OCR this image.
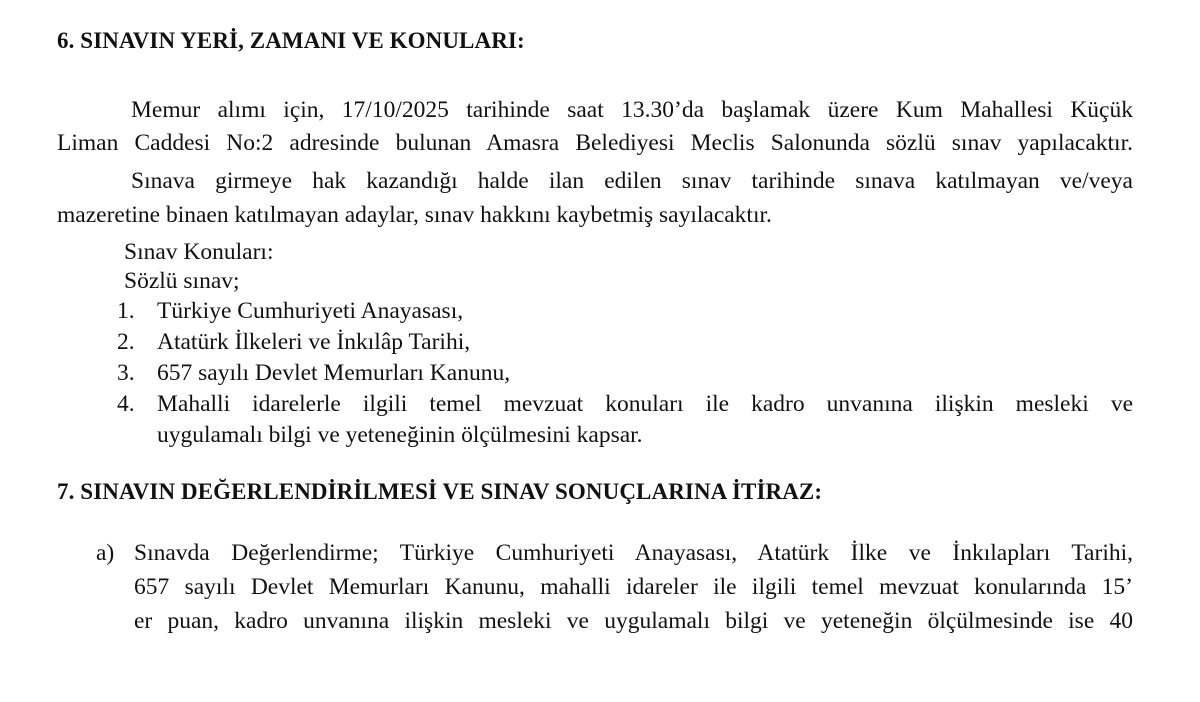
6. SINAVIN YERİ, ZAMANI VE KONULARI:
Memur alımı için, 17/10/2025 tarihinde saat 13.30’da başlamak üzere Kum Mahallesi Küçük
Liman Caddesi No:2 adresinde bulunan Amasra Belediyesi Meclis Salonunda sözlü sınav yapılacaktır.
Sınava girmeye hak kazandığı halde ilan edilen sınav tarihinde sınava katılmayan ve/veya
mazeretine binaen katılmayan adaylar, sınav hakkını kaybetmiş sayılacaktır.
Sınav Konuları:
Sözlü sınav;
1. Türkiye Cumhuriyeti Anayasası,
2. Atatürk İlkeleri ve İnkılâp Tarihi,
3. 657 sayılı Devlet Memurları Kanunu,
4. Mahalli idarelerle ilgili temel mevzuat konuları ile kadro unvanına ilişkin mesleki ve
uygulamalı bilgi ve yeteneğinin ölçülmesini kapsar.
7. SINAVIN DEĞERLENDİRİLMESİ VE SINAV SONUÇLARINA İTİRAZ:
a) Sınavda Değerlendirme; Türkiye Cumhuriyeti Anayasası, Atatürk İlke ve İnkılapları Tarihi,
657 sayılı Devlet Memurları Kanunu, mahalli idareler ile ilgili temel mevzuat konularında 15’
er puan, kadro unvanına ilişkin mesleki ve uygulamalı bilgi ve yeteneğin ölçülmesinde ise 40
